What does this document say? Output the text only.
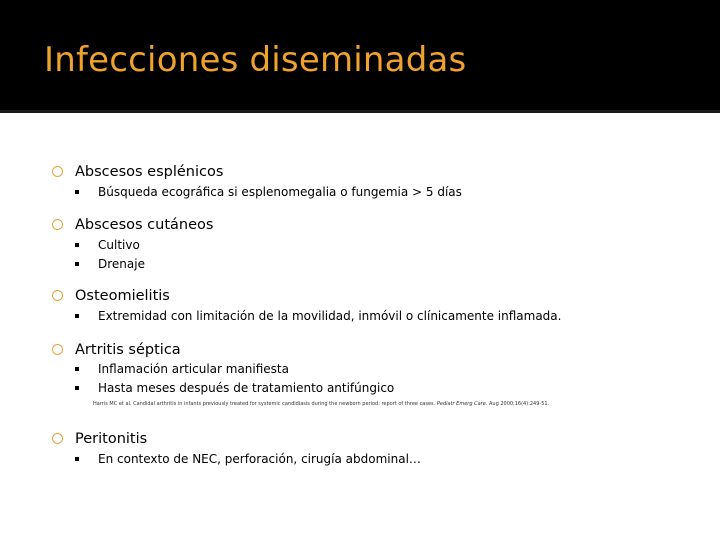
Infecciones diseminadas
Abscesos esplénicos
Búsqueda ecográfica si esplenomegalia o fungemia > 5 días
Abscesos cutáneos
Cultivo
Drenaje
Osteomielitis
Extremidad con limitación de la movilidad, inmóvil o clínicamente inflamada.
Artritis séptica
Inflamación articular manifiesta
Hasta meses después de tratamiento antifúngico
Harris MC et al. Candidal arthritis in infants previously treated for systemic candidiasis during the newborn period: report of three cases. Pediatr Emerg Care. Aug 2000;16(4):249-51.
Peritonitis
En contexto de NEC, perforación, cirugía abdominal…
